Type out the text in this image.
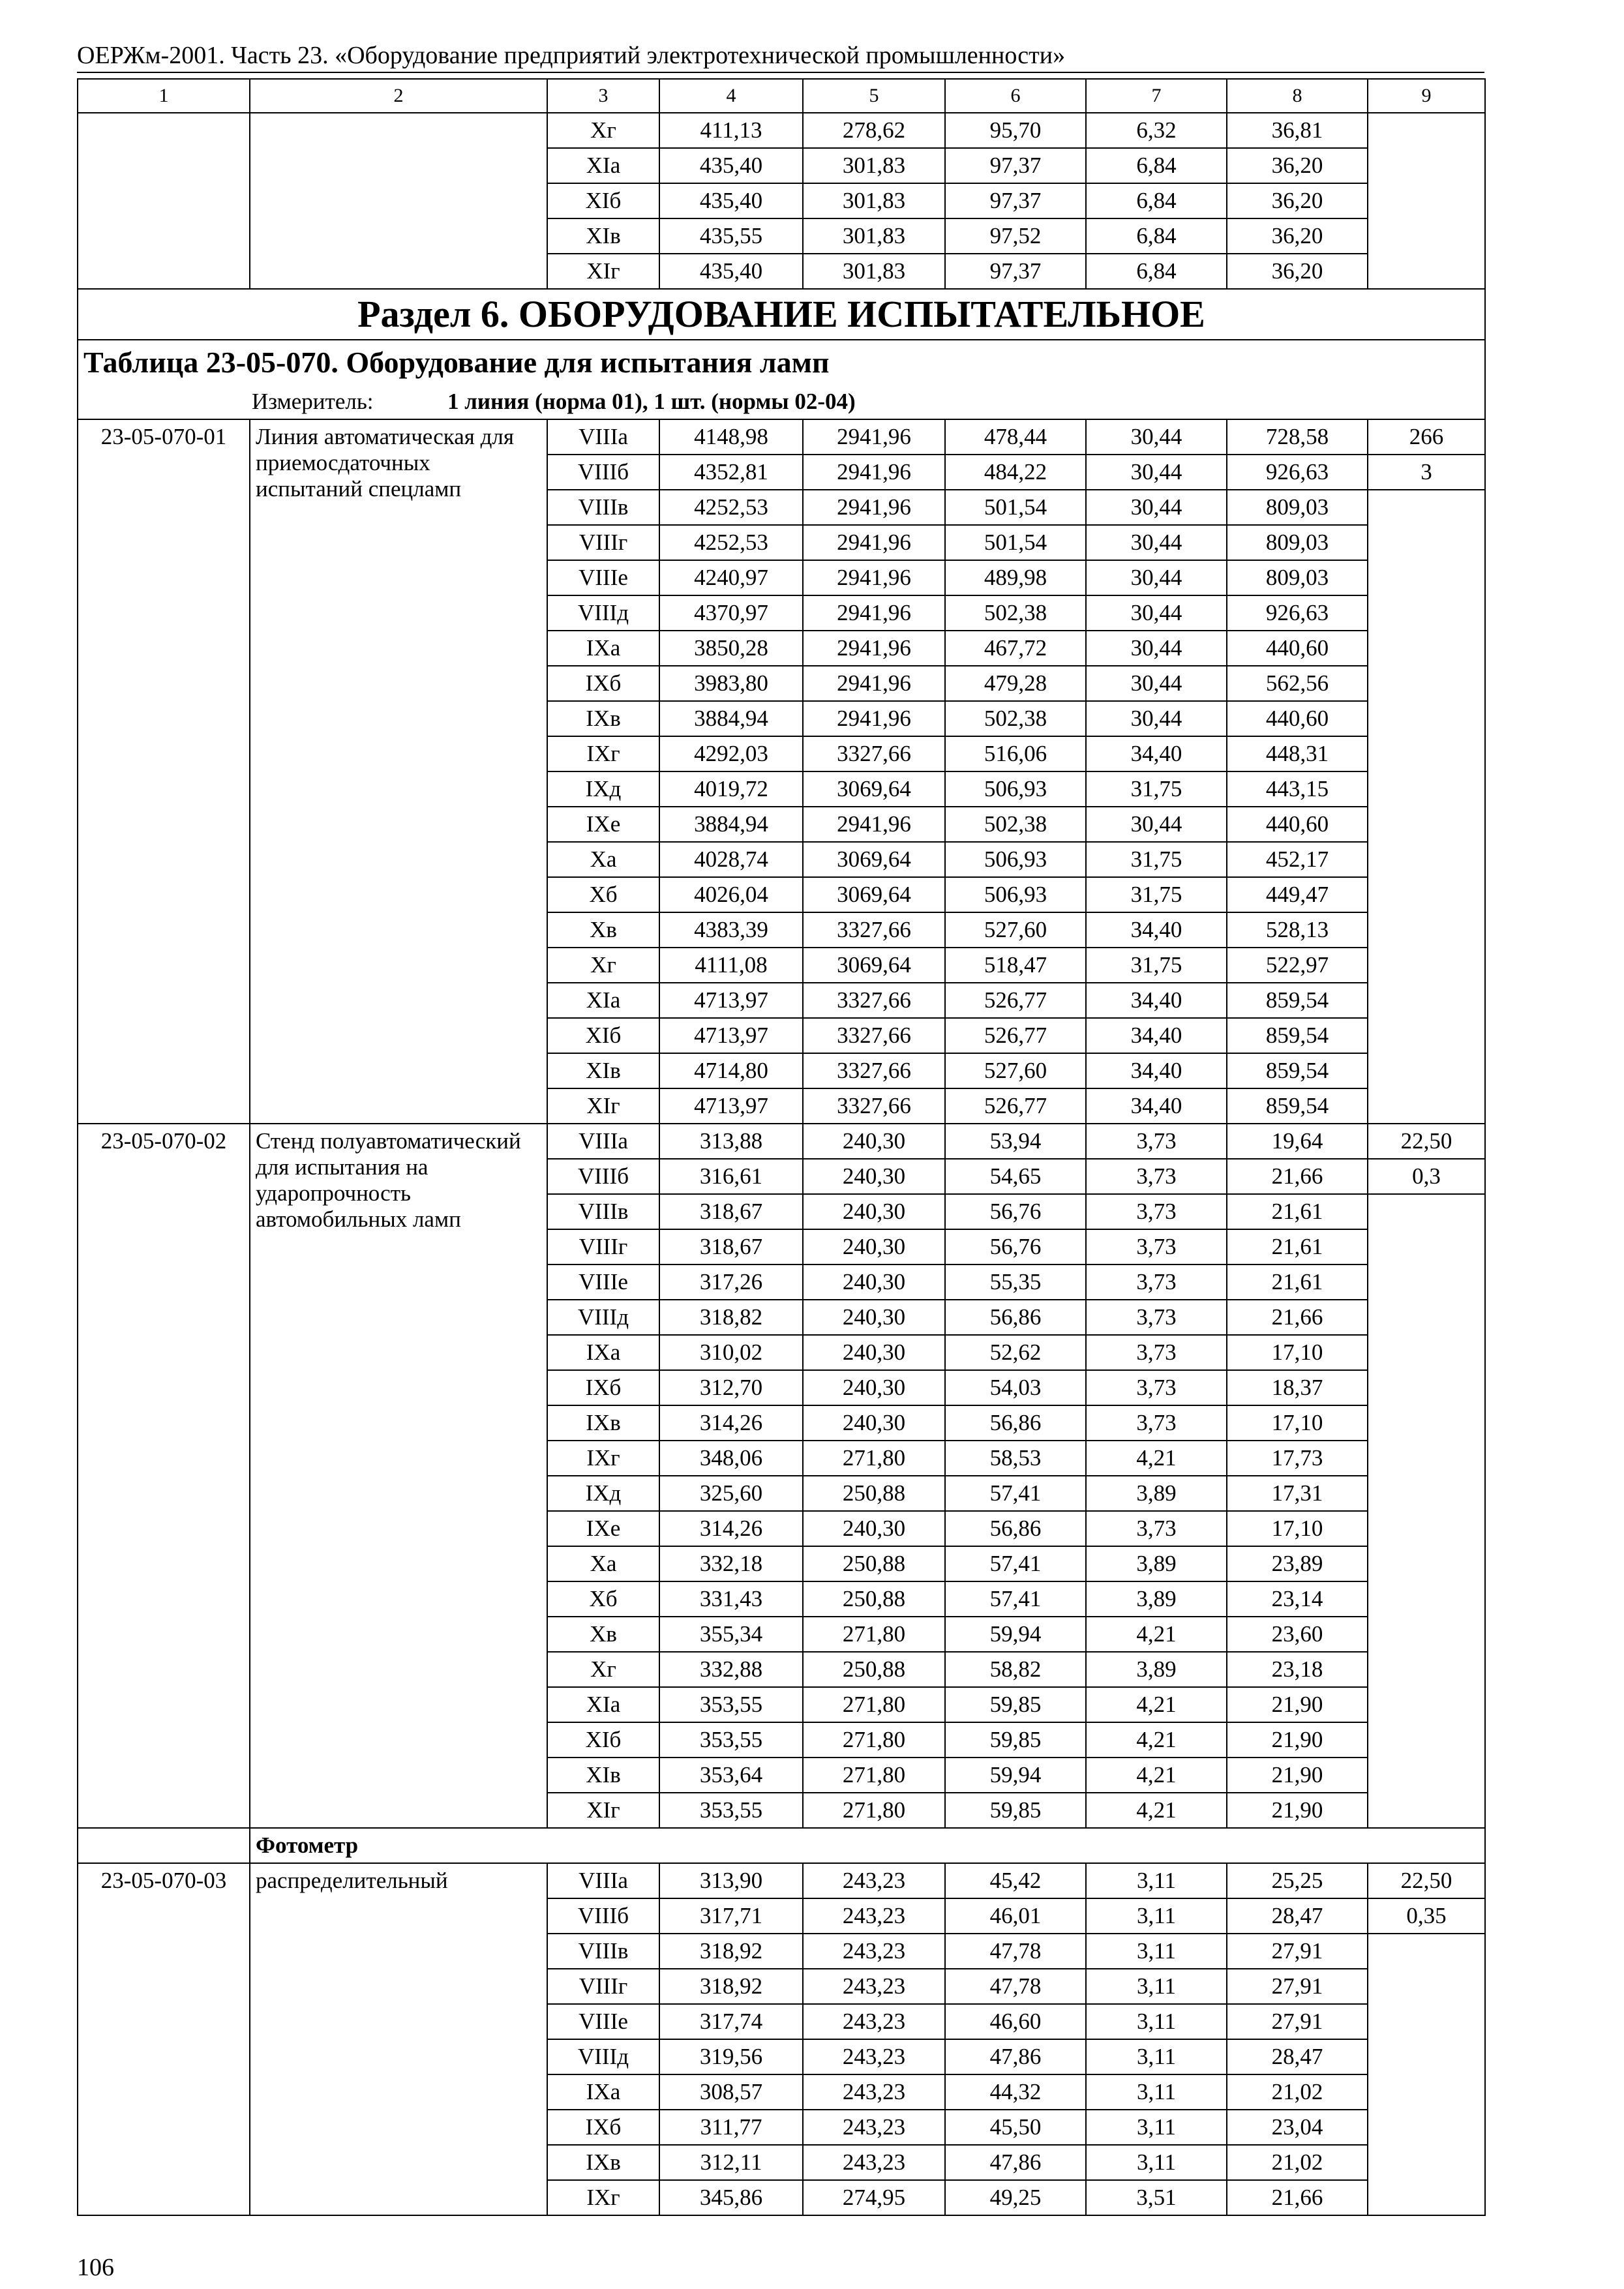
ОЕРЖм-2001. Часть 23. «Оборудование предприятий электротехнической промышленности»
1	2	3	4	5	6	7	8	9
		Xг	411,13	278,62	95,70	6,32	36,81	
		XIа	435,40	301,83	97,37	6,84	36,20	
		XIб	435,40	301,83	97,37	6,84	36,20	
		XIв	435,55	301,83	97,52	6,84	36,20	
		XIг	435,40	301,83	97,37	6,84	36,20	
Раздел 6. ОБОРУДОВАНИЕ ИСПЫТАТЕЛЬНОЕ								
Таблица 23-05-070. Оборудование для испытания ламп								
Измеритель: 1 линия (норма 01), 1 шт. (нормы 02-04)								
23-05-070-01	Линия автоматическая для приемосдаточных испытаний спецламп	VIIIа	4148,98	2941,96	478,44	30,44	728,58	266
		VIIIб	4352,81	2941,96	484,22	30,44	926,63	3
		VIIIв	4252,53	2941,96	501,54	30,44	809,03	
		VIIIг	4252,53	2941,96	501,54	30,44	809,03	
		VIIIе	4240,97	2941,96	489,98	30,44	809,03	
		VIIIд	4370,97	2941,96	502,38	30,44	926,63	
		IXа	3850,28	2941,96	467,72	30,44	440,60	
		IXб	3983,80	2941,96	479,28	30,44	562,56	
		IXв	3884,94	2941,96	502,38	30,44	440,60	
		IXг	4292,03	3327,66	516,06	34,40	448,31	
		IXд	4019,72	3069,64	506,93	31,75	443,15	
		IXе	3884,94	2941,96	502,38	30,44	440,60	
		Xа	4028,74	3069,64	506,93	31,75	452,17	
		Xб	4026,04	3069,64	506,93	31,75	449,47	
		Xв	4383,39	3327,66	527,60	34,40	528,13	
		Xг	4111,08	3069,64	518,47	31,75	522,97	
		XIа	4713,97	3327,66	526,77	34,40	859,54	
		XIб	4713,97	3327,66	526,77	34,40	859,54	
		XIв	4714,80	3327,66	527,60	34,40	859,54	
		XIг	4713,97	3327,66	526,77	34,40	859,54	
23-05-070-02	Стенд полуавтоматический для испытания на ударопрочность автомобильных ламп	VIIIа	313,88	240,30	53,94	3,73	19,64	22,50
		VIIIб	316,61	240,30	54,65	3,73	21,66	0,3
		VIIIв	318,67	240,30	56,76	3,73	21,61	
		VIIIг	318,67	240,30	56,76	3,73	21,61	
		VIIIе	317,26	240,30	55,35	3,73	21,61	
		VIIIд	318,82	240,30	56,86	3,73	21,66	
		IXа	310,02	240,30	52,62	3,73	17,10	
		IXб	312,70	240,30	54,03	3,73	18,37	
		IXв	314,26	240,30	56,86	3,73	17,10	
		IXг	348,06	271,80	58,53	4,21	17,73	
		IXд	325,60	250,88	57,41	3,89	17,31	
		IXе	314,26	240,30	56,86	3,73	17,10	
		Xа	332,18	250,88	57,41	3,89	23,89	
		Xб	331,43	250,88	57,41	3,89	23,14	
		Xв	355,34	271,80	59,94	4,21	23,60	
		Xг	332,88	250,88	58,82	3,89	23,18	
		XIа	353,55	271,80	59,85	4,21	21,90	
		XIб	353,55	271,80	59,85	4,21	21,90	
		XIв	353,64	271,80	59,94	4,21	21,90	
		XIг	353,55	271,80	59,85	4,21	21,90	
	Фотометр							
23-05-070-03	распределительный	VIIIа	313,90	243,23	45,42	3,11	25,25	22,50
		VIIIб	317,71	243,23	46,01	3,11	28,47	0,35
		VIIIв	318,92	243,23	47,78	3,11	27,91	
		VIIIг	318,92	243,23	47,78	3,11	27,91	
		VIIIе	317,74	243,23	46,60	3,11	27,91	
		VIIIд	319,56	243,23	47,86	3,11	28,47	
		IXа	308,57	243,23	44,32	3,11	21,02	
		IXб	311,77	243,23	45,50	3,11	23,04	
		IXв	312,11	243,23	47,86	3,11	21,02	
		IXг	345,86	274,95	49,25	3,51	21,66	
106
